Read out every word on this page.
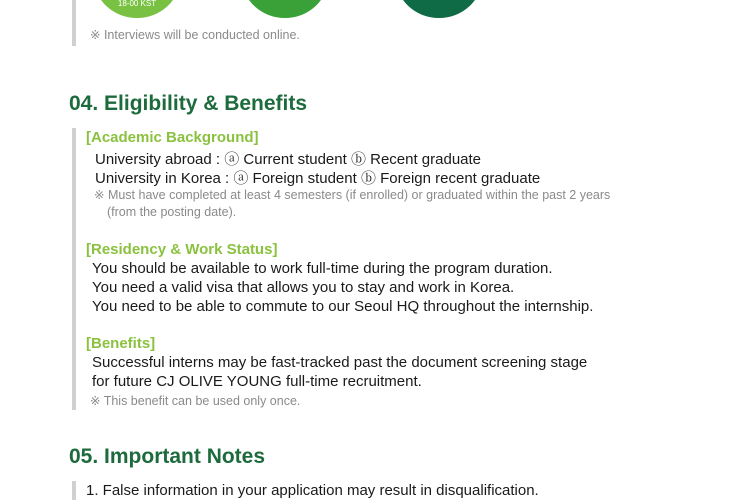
18-00 KST
※ Interviews will be conducted online.
04. Eligibility & Benefits
[Academic Background]
University abroad : ⓐ Current student ⓑ Recent graduate
University in Korea : ⓐ Foreign student ⓑ Foreign recent graduate
※ Must have completed at least 4 semesters (if enrolled) or graduated within the past 2 years
(from the posting date).
[Residency & Work Status]
You should be available to work full-time during the program duration.
You need a valid visa that allows you to stay and work in Korea.
You need to be able to commute to our Seoul HQ throughout the internship.
[Benefits]
Successful interns may be fast-tracked past the document screening stage
for future CJ OLIVE YOUNG full-time recruitment.
※ This benefit can be used only once.
05. Important Notes
1. False information in your application may result in disqualification.
